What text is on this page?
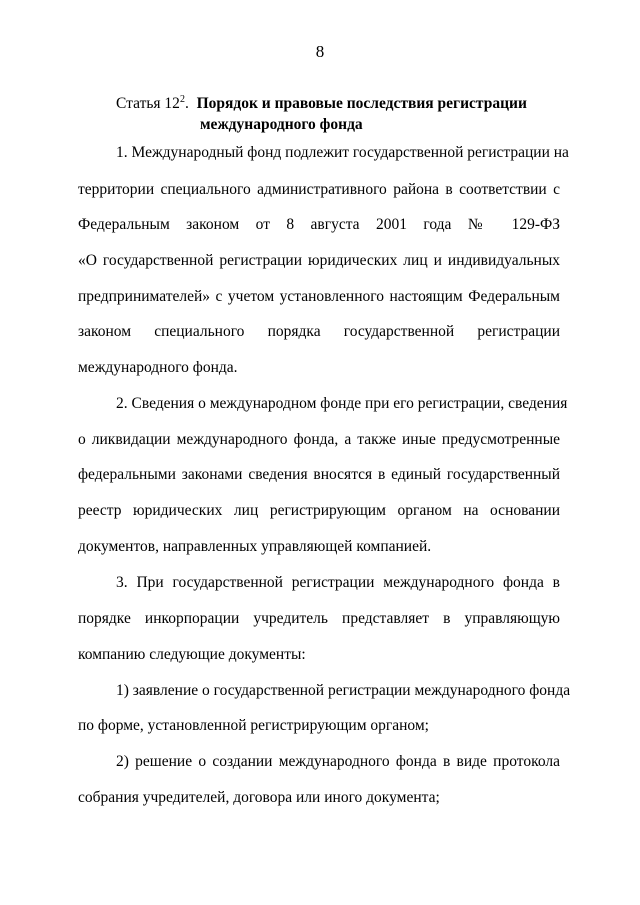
8
Статья $12^2$. Порядок и правовые последствия регистрации
международного фонда
1. Международный фонд подлежит государственной регистрации на
территории специального административного района в соответствии с
Федеральным законом от 8 августа 2001 года № 129-ФЗ
«О государственной регистрации юридических лиц и индивидуальных
предпринимателей» с учетом установленного настоящим Федеральным
законом специального порядка государственной регистрации
международного фонда.
2. Сведения о международном фонде при его регистрации, сведения
о ликвидации международного фонда, а также иные предусмотренные
федеральными законами сведения вносятся в единый государственный
реестр юридических лиц регистрирующим органом на основании
документов, направленных управляющей компанией.
3. При государственной регистрации международного фонда в
порядке инкорпорации учредитель представляет в управляющую
компанию следующие документы:
1) заявление о государственной регистрации международного фонда
по форме, установленной регистрирующим органом;
2) решение о создании международного фонда в виде протокола
собрания учредителей, договора или иного документа;
